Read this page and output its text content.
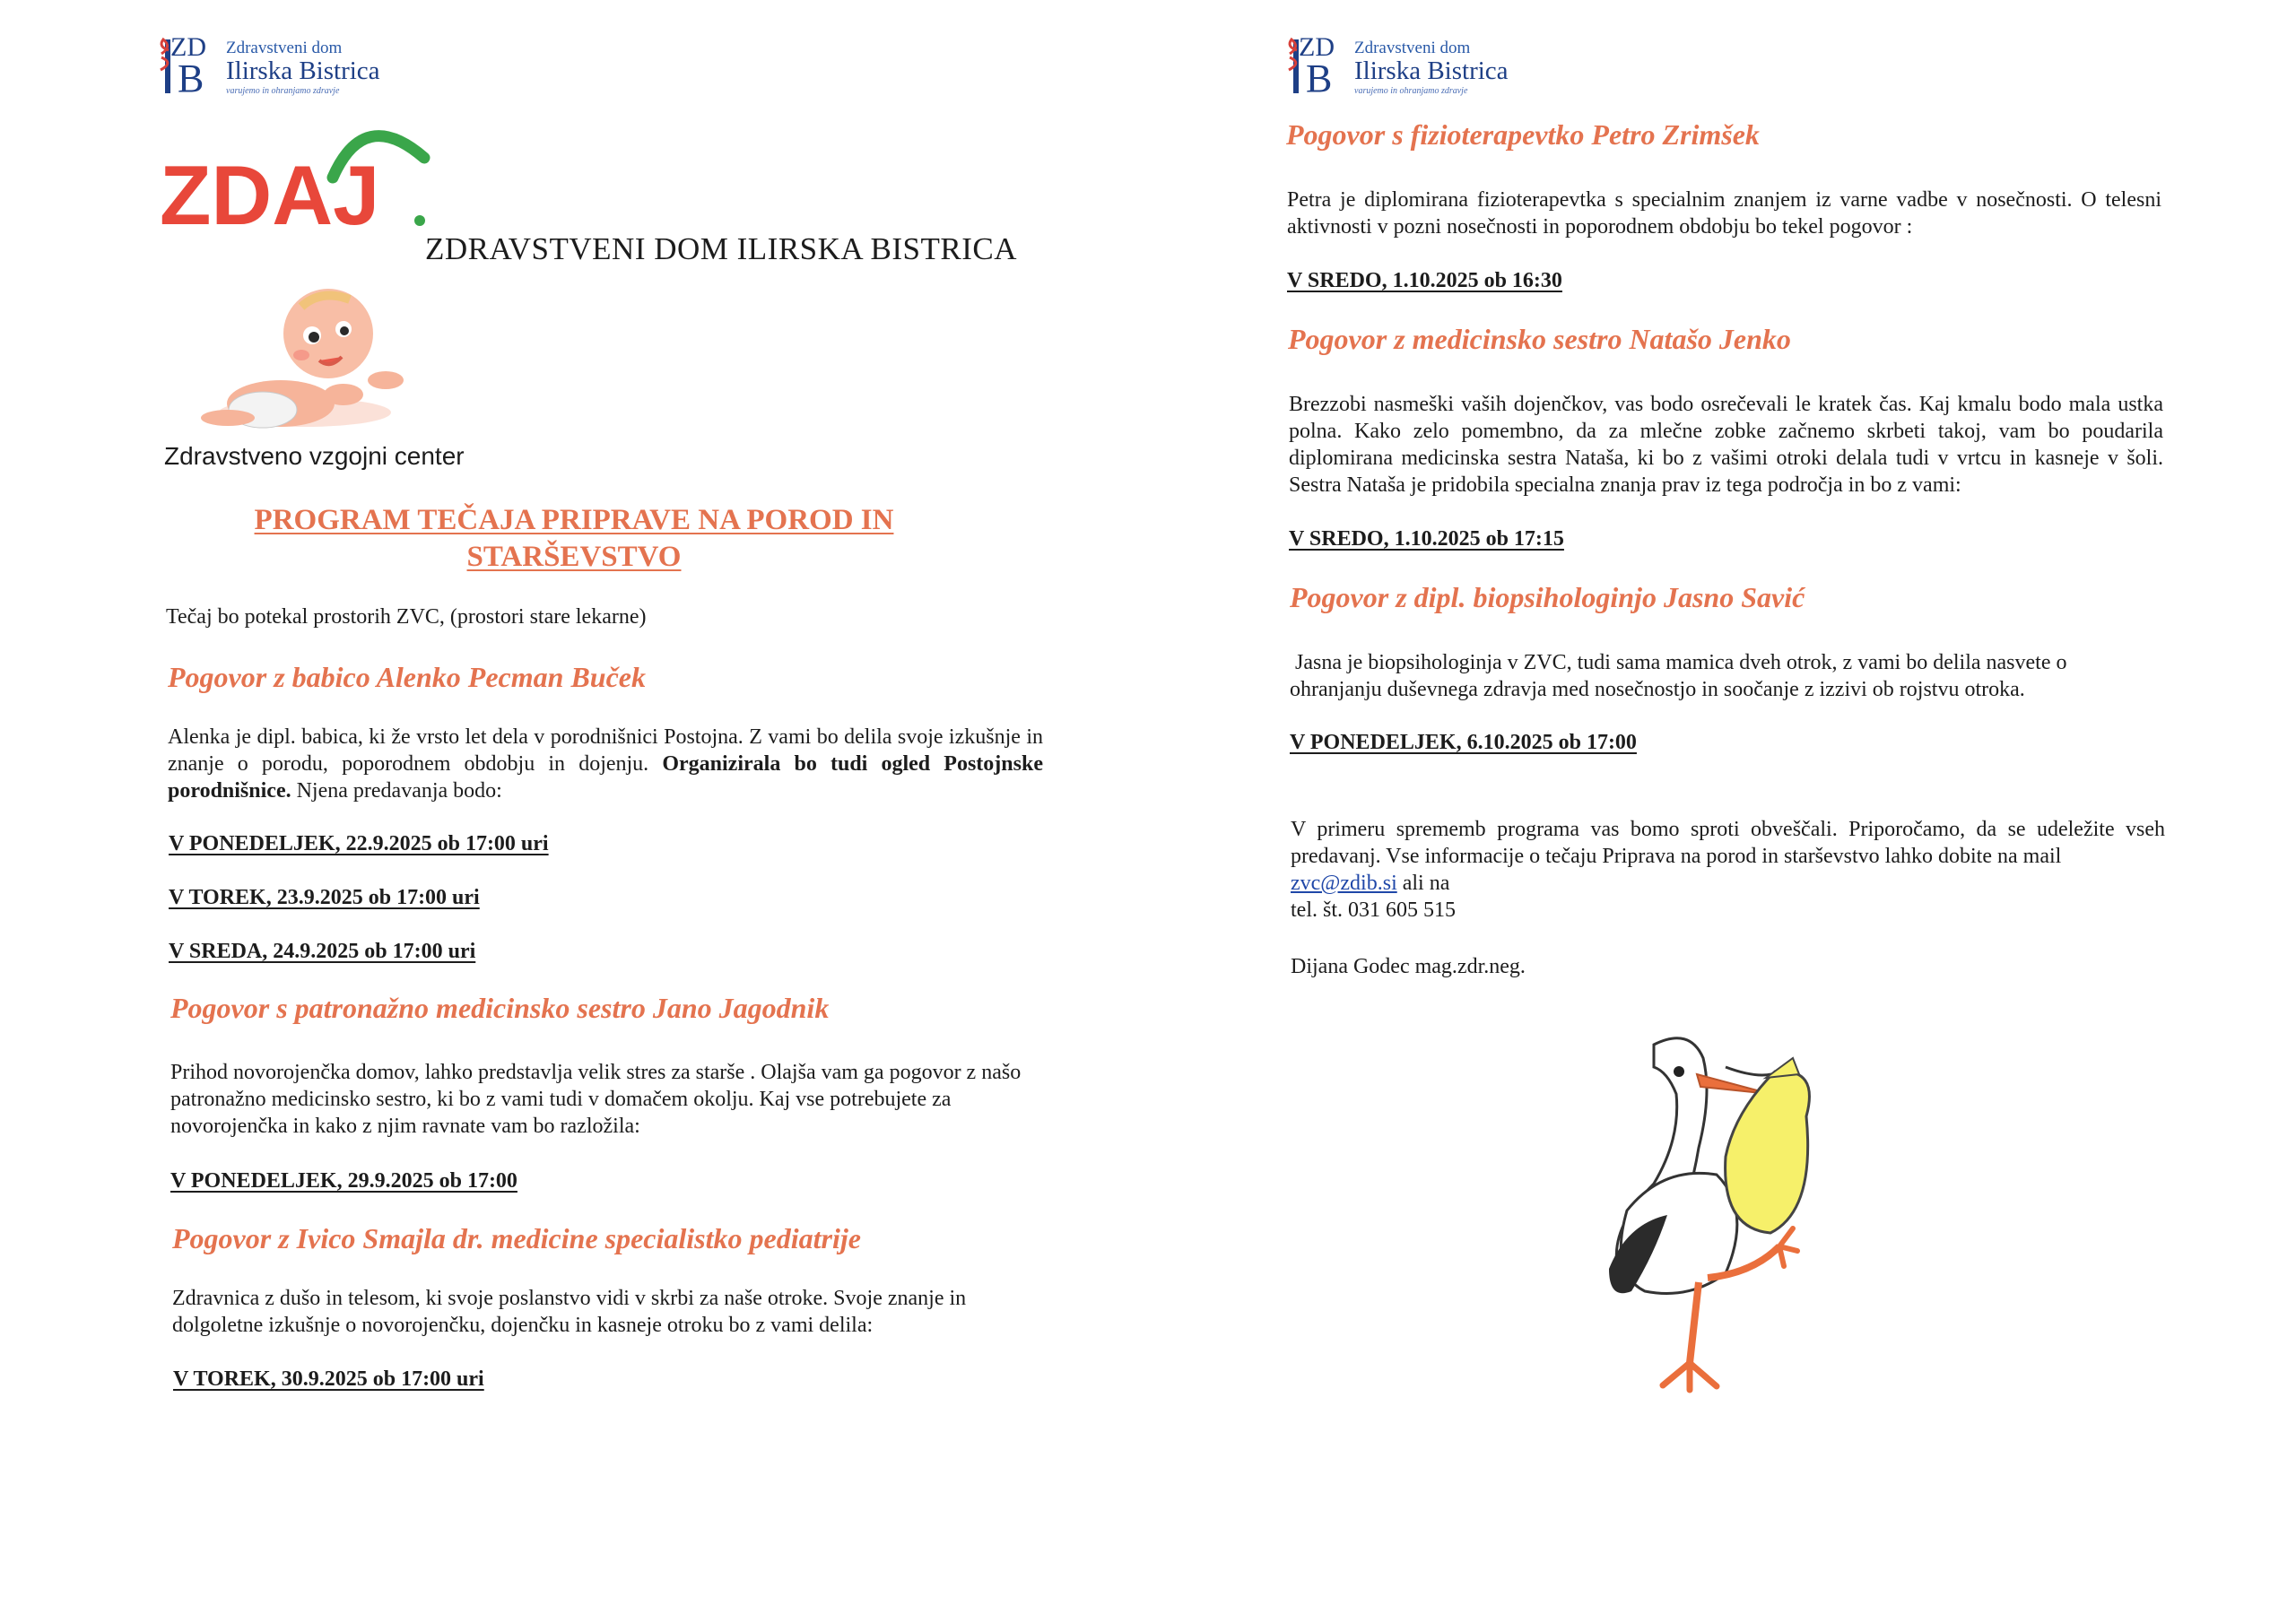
ZD
B
Zdravstveni dom
Ilirska Bistrica
varujemo in ohranjamo zdravje
ZDAJ
ZDRAVSTVENI DOM ILIRSKA BISTRICA
Zdravstveno vzgojni center
PROGRAM TEČAJA PRIPRAVE NA POROD IN
STARŠEVSTVO
Tečaj bo potekal prostorih ZVC, (prostori stare lekarne)
Pogovor z babico Alenko Pecman Buček
Alenka je dipl. babica, ki že vrsto let dela v porodnišnici Postojna. Z vami bo delila svoje izkušnje in znanje o porodu, poporodnem obdobju in dojenju. Organizirala bo tudi ogled Postojnske porodnišnice. Njena predavanja bodo:
V PONEDELJEK, 22.9.2025 ob 17:00 uri
V TOREK, 23.9.2025 ob 17:00 uri
V SREDA, 24.9.2025 ob 17:00 uri
Pogovor s patronažno medicinsko sestro Jano Jagodnik
Prihod novorojenčka domov, lahko predstavlja velik stres za starše . Olajša vam ga pogovor z našo patronažno medicinsko sestro, ki bo z vami tudi v domačem okolju. Kaj vse potrebujete za novorojenčka in kako z njim ravnate vam bo razložila:
V PONEDELJEK, 29.9.2025 ob 17:00
Pogovor z Ivico Smajla dr. medicine specialistko pediatrije
Zdravnica z dušo in telesom, ki svoje poslanstvo vidi v skrbi za naše otroke. Svoje znanje in dolgoletne izkušnje o novorojenčku, dojenčku in kasneje otroku bo z vami delila:
V TOREK, 30.9.2025 ob 17:00 uri
ZD
B
Zdravstveni dom
Ilirska Bistrica
varujemo in ohranjamo zdravje
Pogovor s fizioterapevtko Petro Zrimšek
Petra je diplomirana fizioterapevtka s specialnim znanjem iz varne vadbe v nosečnosti. O telesni aktivnosti v pozni nosečnosti in poporodnem obdobju bo tekel pogovor :
V SREDO, 1.10.2025 ob 16:30
Pogovor z medicinsko sestro Natašo Jenko
Brezzobi nasmeški vaših dojenčkov, vas bodo osrečevali le kratek čas. Kaj kmalu bodo mala ustka polna. Kako zelo pomembno, da za mlečne zobke začnemo skrbeti takoj, vam bo poudarila diplomirana medicinska sestra Nataša, ki bo z vašimi otroki delala tudi v vrtcu in kasneje v šoli. Sestra Nataša je pridobila specialna znanja prav iz tega področja in bo z vami:
V SREDO, 1.10.2025 ob 17:15
Pogovor z dipl. biopsihologinjo Jasno Savić
Jasna je biopsihologinja v ZVC, tudi sama mamica dveh otrok, z vami bo delila nasvete o ohranjanju duševnega zdravja med nosečnostjo in soočanje z izzivi ob rojstvu otroka.
V PONEDELJEK, 6.10.2025 ob 17:00
V primeru sprememb programa vas bomo sproti obveščali. Priporočamo, da se udeležite vseh predavanj. Vse informacije o tečaju Priprava na porod in starševstvo lahko dobite na mail
zvc@zdib.si ali na
tel. št. 031 605 515
Dijana Godec mag.zdr.neg.
